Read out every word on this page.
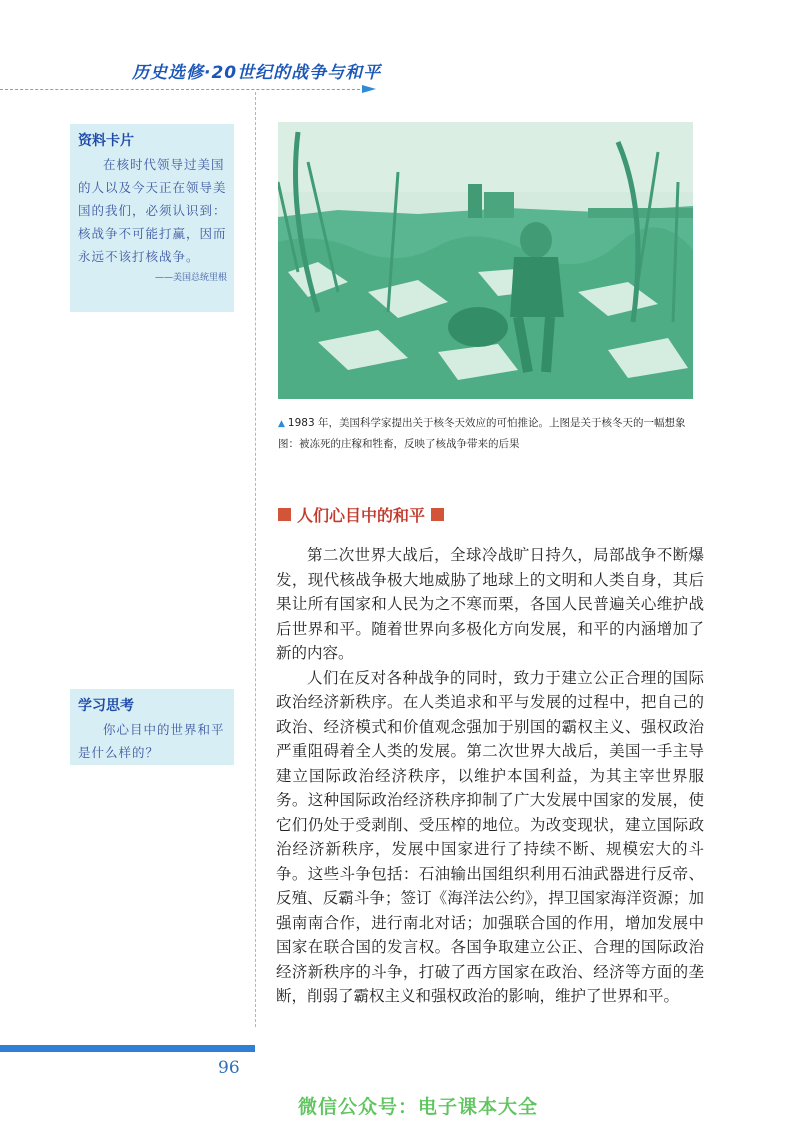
历史选修·20世纪的战争与和平
资料卡片
在核时代领导过美国的人以及今天正在领导美国的我们，必须认识到：核战争不可能打赢，因而永远不该打核战争。
——美国总统里根
▲ 1983 年，美国科学家提出关于核冬天效应的可怕推论。上图是关于核冬天的一幅想象图：被冻死的庄稼和牲畜，反映了核战争带来的后果
人们心目中的和平

第二次世界大战后，全球冷战旷日持久，局部战争不断爆发，现代核战争极大地威胁了地球上的文明和人类自身，其后果让所有国家和人民为之不寒而栗，各国人民普遍关心维护战后世界和平。随着世界向多极化方向发展，和平的内涵增加了新的内容。

人们在反对各种战争的同时，致力于建立公正合理的国际政治经济新秩序。在人类追求和平与发展的过程中，把自己的政治、经济模式和价值观念强加于别国的霸权主义、强权政治严重阻碍着全人类的发展。第二次世界大战后，美国一手主导建立国际政治经济秩序，以维护本国利益，为其主宰世界服务。这种国际政治经济秩序抑制了广大发展中国家的发展，使它们仍处于受剥削、受压榨的地位。为改变现状，建立国际政治经济新秩序，发展中国家进行了持续不断、规模宏大的斗争。这些斗争包括：石油输出国组织利用石油武器进行反帝、反殖、反霸斗争；签订《海洋法公约》，捍卫国家海洋资源；加强南南合作，进行南北对话；加强联合国的作用，增加发展中国家在联合国的发言权。各国争取建立公正、合理的国际政治经济新秩序的斗争，打破了西方国家在政治、经济等方面的垄断，削弱了霸权主义和强权政治的影响，维护了世界和平。

学习思考
你心目中的世界和平是什么样的？
96
微信公众号：电子课本大全
